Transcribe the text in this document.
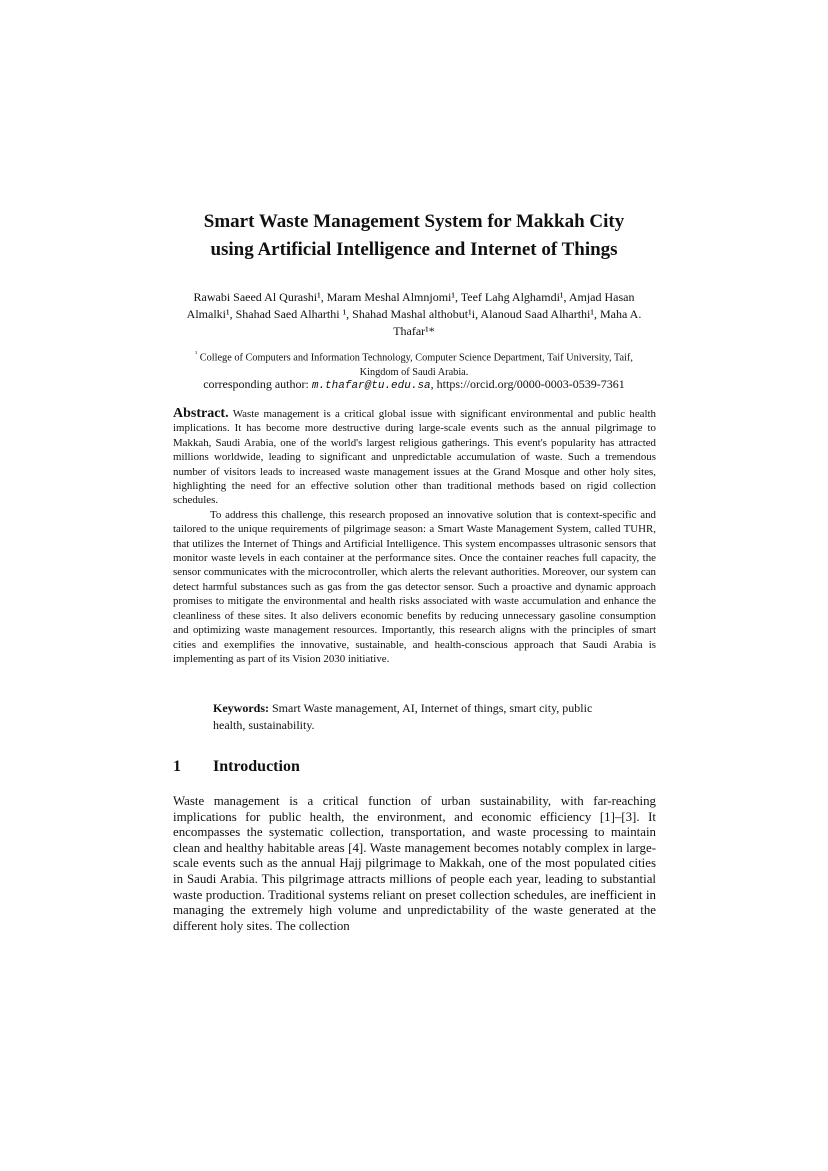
Smart Waste Management System for Makkah City
using Artificial Intelligence and Internet of Things
Rawabi Saeed Al Qurashi¹, Maram Meshal Almnjomi¹, Teef Lahg Alghamdi¹, Amjad Hasan
Almalki¹, Shahad Saed Alharthi ¹, Shahad Mashal althobut¹i, Alanoud Saad Alharthi¹, Maha A.
Thafar¹*
$^{^1}$ College of Computers and Information Technology, Computer Science Department, Taif University, Taif,
Kingdom of Saudi Arabia.
corresponding author: m.thafar@tu.edu.sa, https://orcid.org/0000-0003-0539-7361

Abstract. Waste management is a critical global issue with significant environmental and public health implications. It has become more destructive during large-scale events such as the annual pilgrimage to Makkah, Saudi Arabia, one of the world's largest religious gatherings. This event's popularity has attracted millions worldwide, leading to significant and unpredictable accumulation of waste. Such a tremendous number of visitors leads to increased waste management issues at the Grand Mosque and other holy sites, highlighting the need for an effective solution other than traditional methods based on rigid collection schedules.

To address this challenge, this research proposed an innovative solution that is context-specific and tailored to the unique requirements of pilgrimage season: a Smart Waste Management System, called TUHR, that utilizes the Internet of Things and Artificial Intelligence. This system encompasses ultrasonic sensors that monitor waste levels in each container at the performance sites. Once the container reaches full capacity, the sensor communicates with the microcontroller, which alerts the relevant authorities. Moreover, our system can detect harmful substances such as gas from the gas detector sensor. Such a proactive and dynamic approach promises to mitigate the environmental and health risks associated with waste accumulation and enhance the cleanliness of these sites. It also delivers economic benefits by reducing unnecessary gasoline consumption and optimizing waste management resources. Importantly, this research aligns with the principles of smart cities and exemplifies the innovative, sustainable, and health-conscious approach that Saudi Arabia is implementing as part of its Vision 2030 initiative.

Keywords: Smart Waste management, AI, Internet of things, smart city, public health, sustainability.
1 Introduction

Waste management is a critical function of urban sustainability, with far-reaching implications for public health, the environment, and economic efficiency [1]–[3]. It encompasses the systematic collection, transportation, and waste processing to maintain clean and healthy habitable areas [4]. Waste management becomes notably complex in large-scale events such as the annual Hajj pilgrimage to Makkah, one of the most populated cities in Saudi Arabia. This pilgrimage attracts millions of people each year, leading to substantial waste production. Traditional systems reliant on preset collection schedules, are inefficient in managing the extremely high volume and unpredictability of the waste generated at the different holy sites. The collection
